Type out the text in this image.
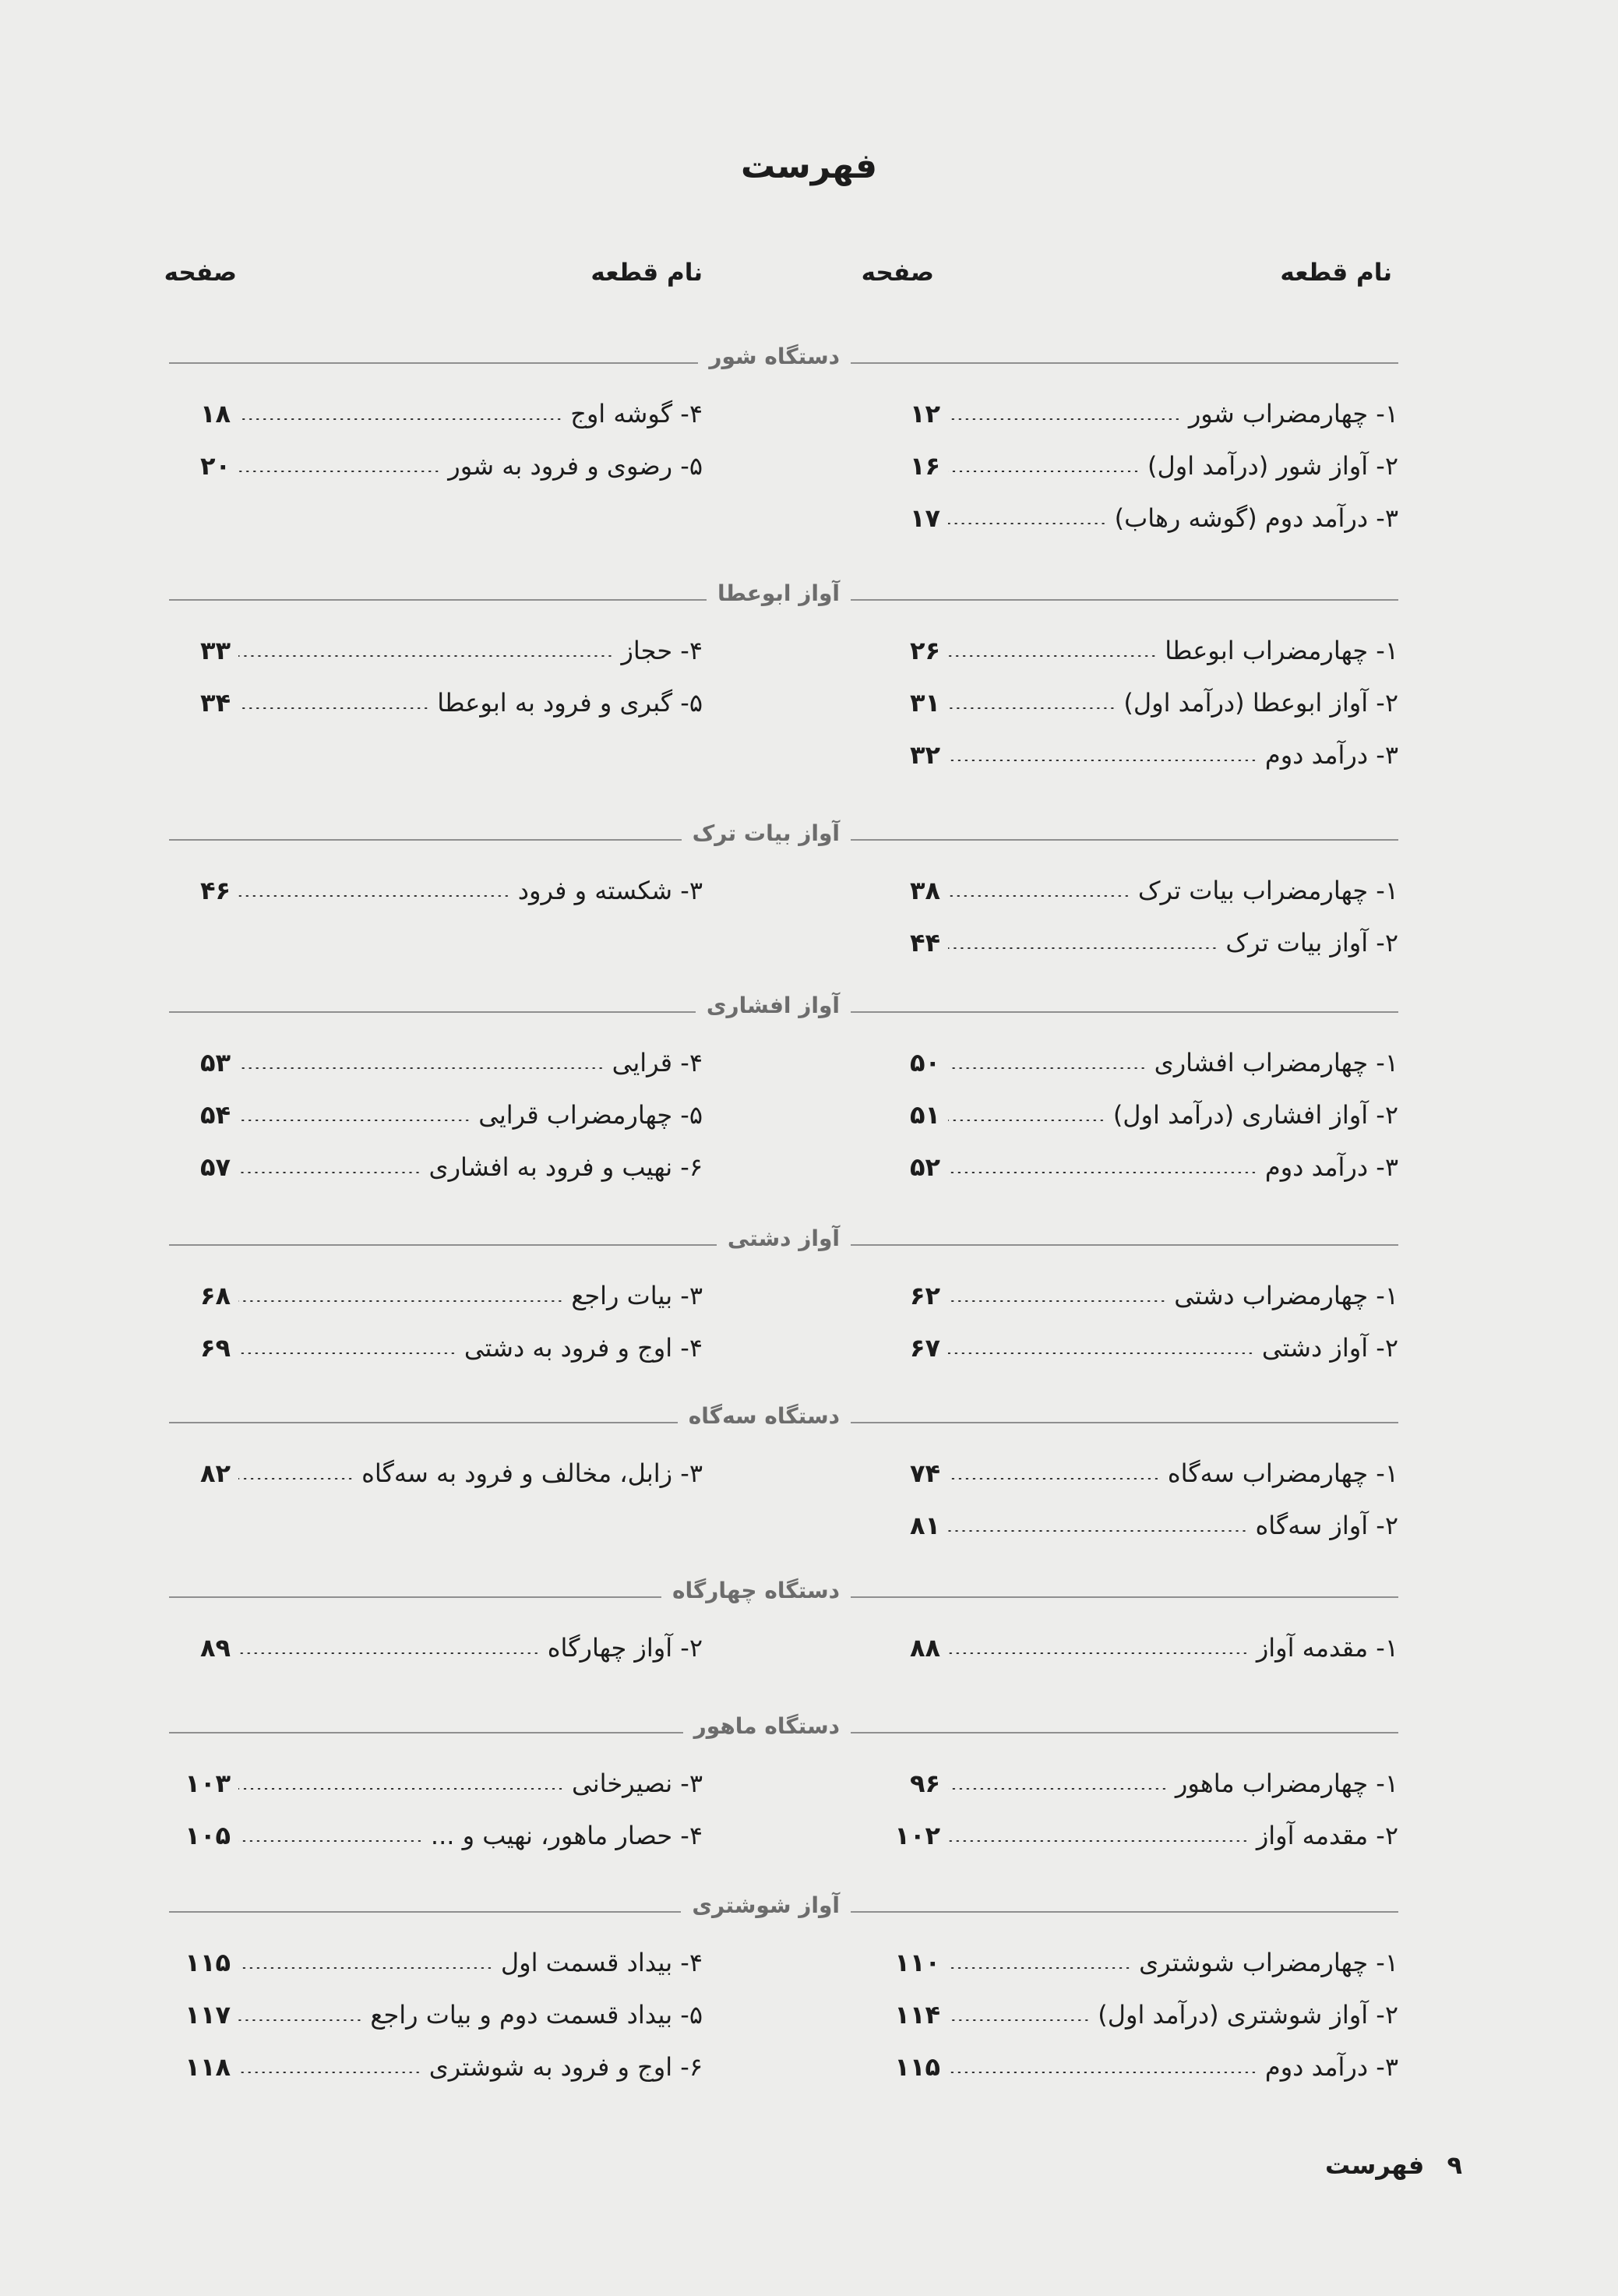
فهرست
نام قطعه
صفحه
نام قطعه
صفحه
دستگاه شور
۱- چهارمضراب شور
۱۲
۲- آواز شور (درآمد اول)
۱۶
۳- درآمد دوم (گوشه رهاب)
۱۷
۴- گوشه اوج
۱۸
۵- رضوی و فرود به شور
۲۰
آواز ابوعطا
۱- چهارمضراب ابوعطا
۲۶
۲- آواز ابوعطا (درآمد اول)
۳۱
۳- درآمد دوم
۳۲
۴- حجاز
۳۳
۵- گبری و فرود به ابوعطا
۳۴
آواز بیات ترک
۱- چهارمضراب بیات ترک
۳۸
۲- آواز بیات ترک
۴۴
۳- شکسته و فرود
۴۶
آواز افشاری
۱- چهارمضراب افشاری
۵۰
۲- آواز افشاری (درآمد اول)
۵۱
۳- درآمد دوم
۵۲
۴- قرایی
۵۳
۵- چهارمضراب قرایی
۵۴
۶- نهیب و فرود به افشاری
۵۷
آواز دشتی
۱- چهارمضراب دشتی
۶۲
۲- آواز دشتی
۶۷
۳- بیات راجع
۶۸
۴- اوج و فرود به دشتی
۶۹
دستگاه سه‌گاه
۱- چهارمضراب سه‌گاه
۷۴
۲- آواز سه‌گاه
۸۱
۳- زابل، مخالف و فرود به سه‌گاه
۸۲
دستگاه چهارگاه
۱- مقدمه آواز
۸۸
۲- آواز چهارگاه
۸۹
دستگاه ماهور
۱- چهارمضراب ماهور
۹۶
۲- مقدمه آواز
۱۰۲
۳- نصیرخانی
۱۰۳
۴- حصار ماهور، نهیب و ...
۱۰۵
آواز شوشتری
۱- چهارمضراب شوشتری
۱۱۰
۲- آواز شوشتری (درآمد اول)
۱۱۴
۳- درآمد دوم
۱۱۵
۴- بیداد قسمت اول
۱۱۵
۵- بیداد قسمت دوم و بیات راجع
۱۱۷
۶- اوج و فرود به شوشتری
۱۱۸
۹ فهرست
